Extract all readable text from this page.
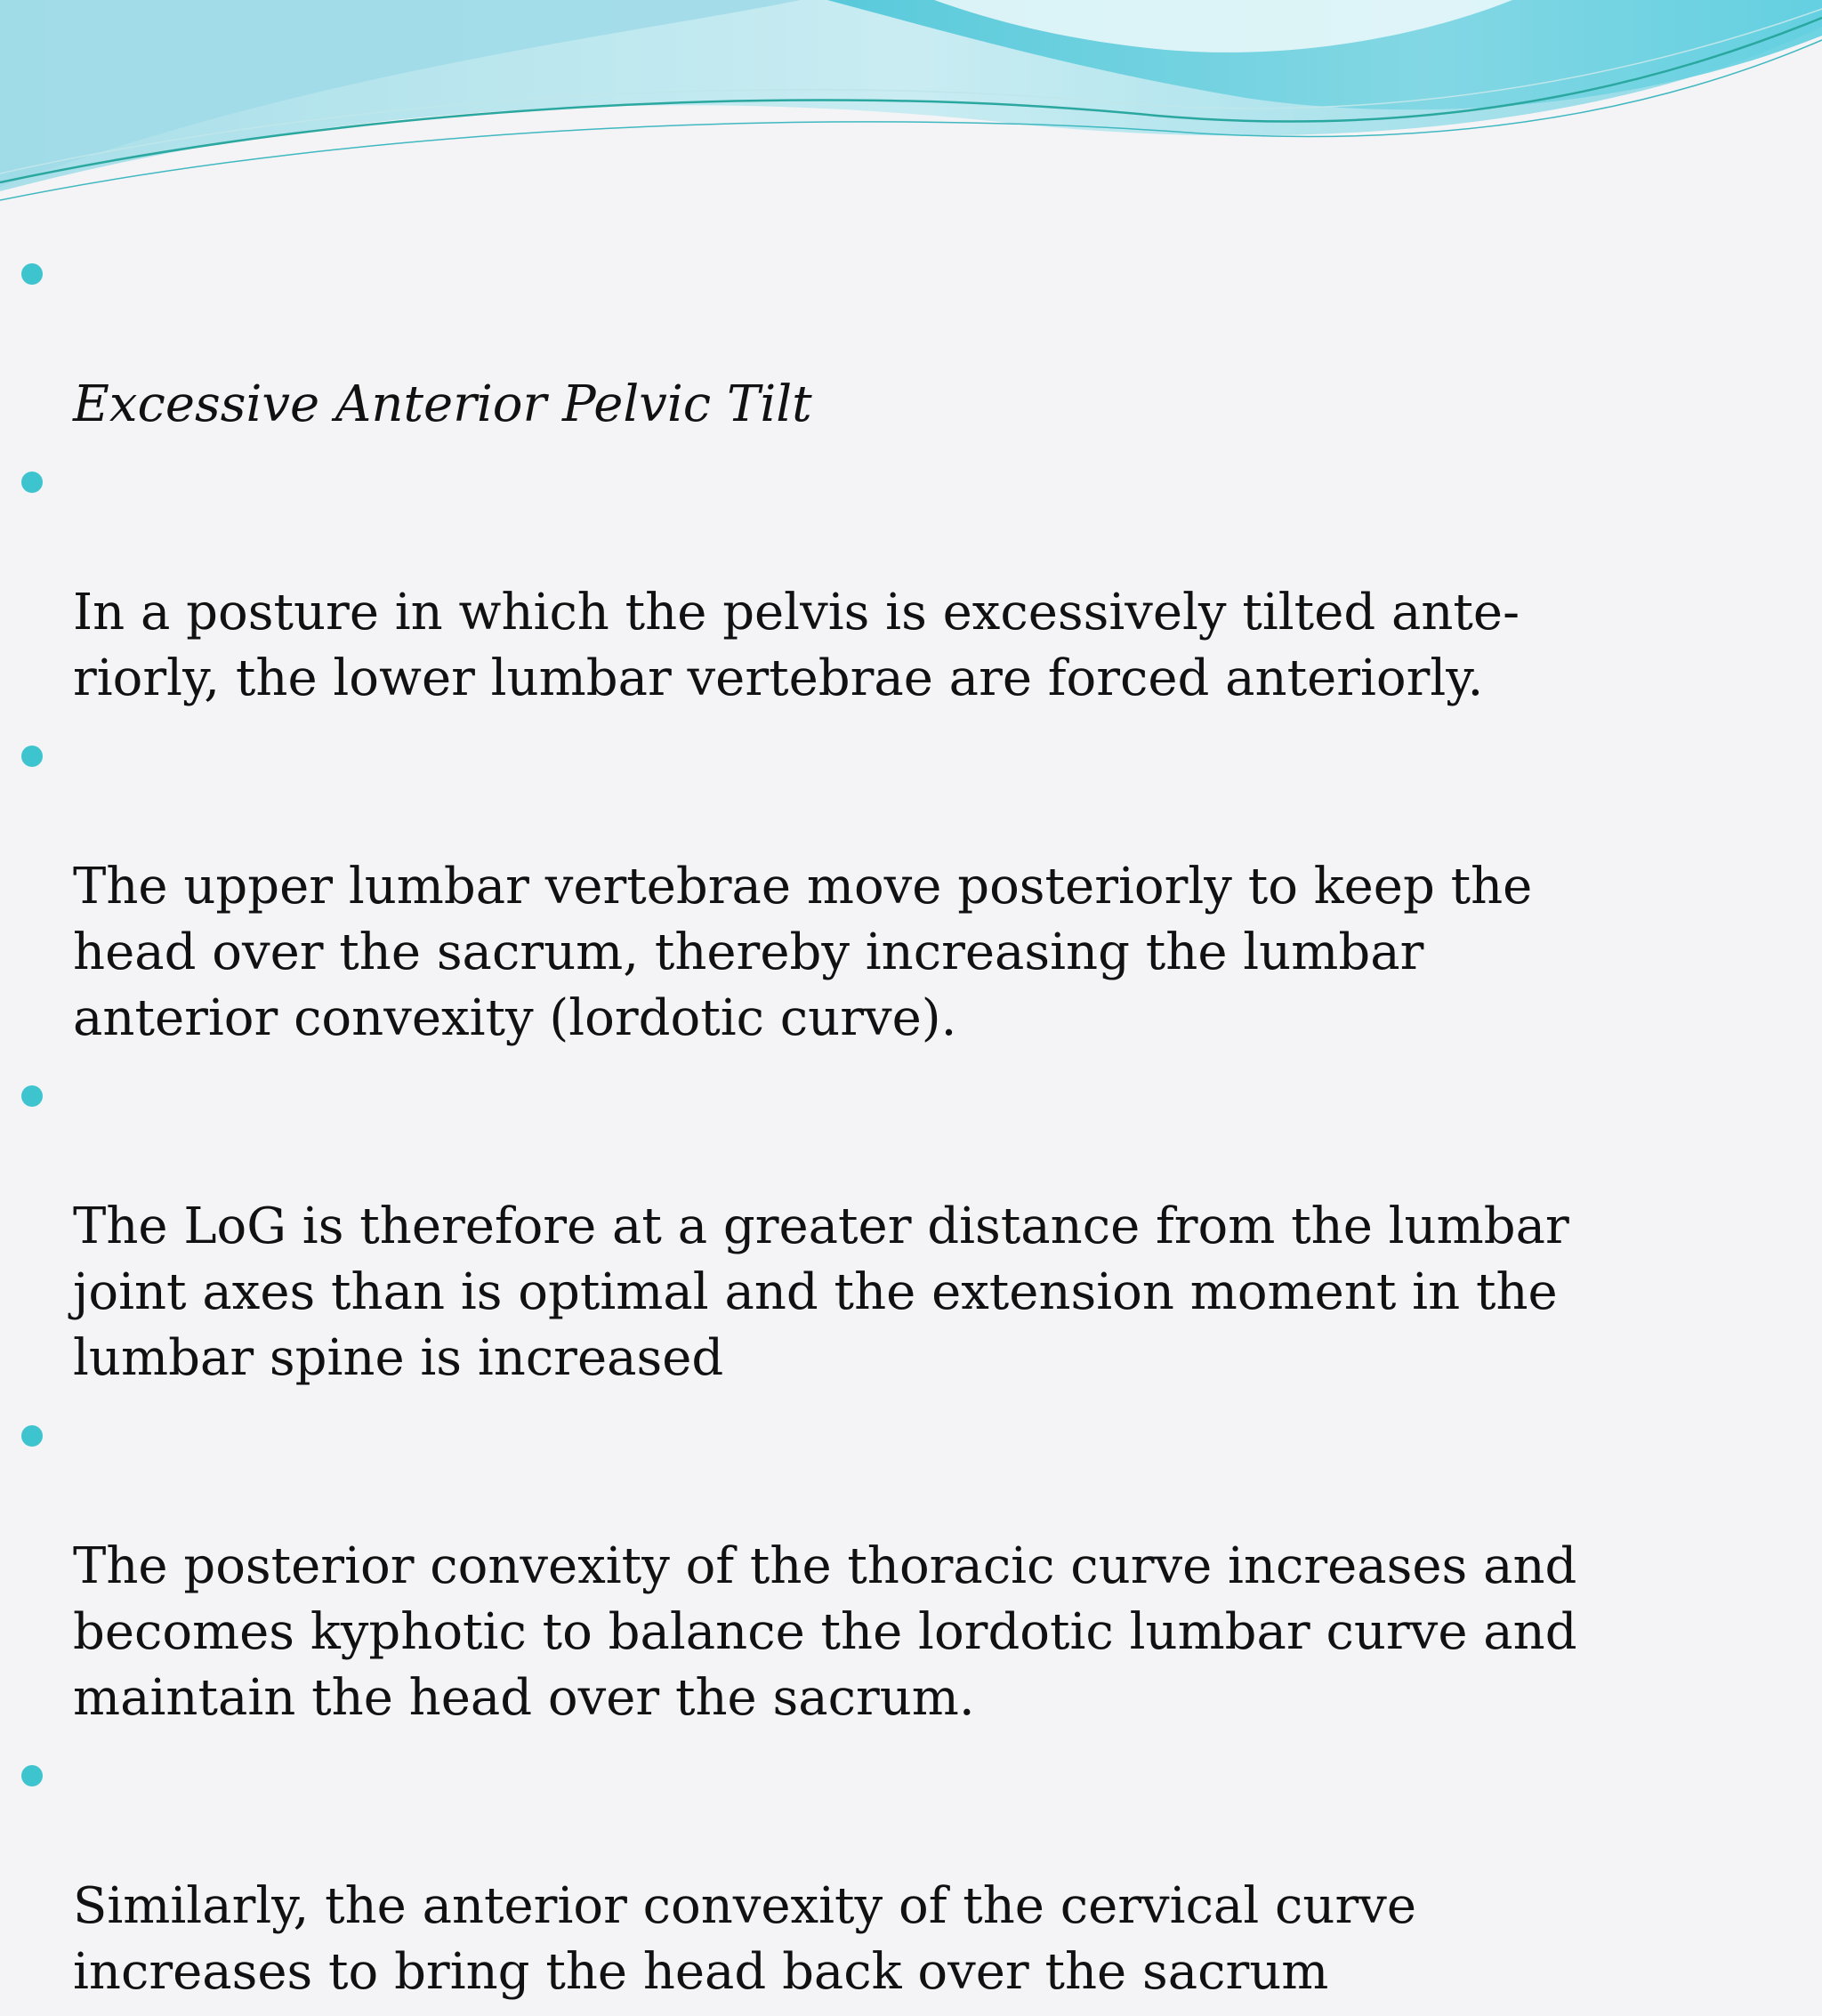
Excessive Anterior Pelvic Tilt

In a posture in which the pelvis is excessively tilted ante-
riorly, the lower lumbar vertebrae are forced anteriorly.

The upper lumbar vertebrae move posteriorly to keep the
head over the sacrum, thereby increasing the lumbar
anterior convexity (lordotic curve).

The LoG is therefore at a greater distance from the lumbar
joint axes than is optimal and the extension moment in the
lumbar spine is increased

The posterior convexity of the thoracic curve increases and
becomes kyphotic to balance the lordotic lumbar curve and
maintain the head over the sacrum.

Similarly, the anterior convexity of the cervical curve
increases to bring the head back over the sacrum
